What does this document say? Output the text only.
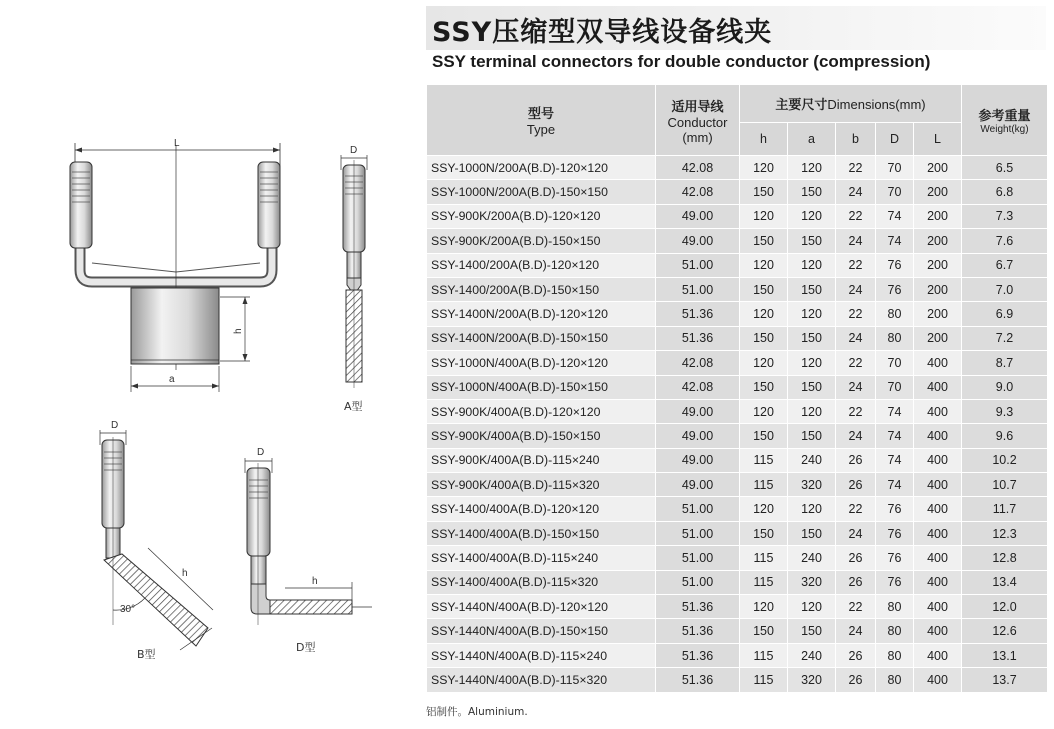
L
h
a
D
A型
D
30°
h
B型
D
h
D型
SSY压缩型双导线设备线夹
SSY terminal connectors for double conductor (compression)
型号
Type	适用导线
Conductor
(mm)	主要尺寸Dimensions(mm)					参考重量
Weight(kg)

		h	a	b	D	L	
SSY-1000N/200A(B.D)-120×120	42.08	120	120	22	70	200	6.5
SSY-1000N/200A(B.D)-150×150	42.08	150	150	24	70	200	6.8
SSY-900K/200A(B.D)-120×120	49.00	120	120	22	74	200	7.3
SSY-900K/200A(B.D)-150×150	49.00	150	150	24	74	200	7.6
SSY-1400/200A(B.D)-120×120	51.00	120	120	22	76	200	6.7
SSY-1400/200A(B.D)-150×150	51.00	150	150	24	76	200	7.0
SSY-1400N/200A(B.D)-120×120	51.36	120	120	22	80	200	6.9
SSY-1400N/200A(B.D)-150×150	51.36	150	150	24	80	200	7.2
SSY-1000N/400A(B.D)-120×120	42.08	120	120	22	70	400	8.7
SSY-1000N/400A(B.D)-150×150	42.08	150	150	24	70	400	9.0
SSY-900K/400A(B.D)-120×120	49.00	120	120	22	74	400	9.3
SSY-900K/400A(B.D)-150×150	49.00	150	150	24	74	400	9.6
SSY-900K/400A(B.D)-115×240	49.00	115	240	26	74	400	10.2
SSY-900K/400A(B.D)-115×320	49.00	115	320	26	74	400	10.7
SSY-1400/400A(B.D)-120×120	51.00	120	120	22	76	400	11.7
SSY-1400/400A(B.D)-150×150	51.00	150	150	24	76	400	12.3
SSY-1400/400A(B.D)-115×240	51.00	115	240	26	76	400	12.8
SSY-1400/400A(B.D)-115×320	51.00	115	320	26	76	400	13.4
SSY-1440N/400A(B.D)-120×120	51.36	120	120	22	80	400	12.0
SSY-1440N/400A(B.D)-150×150	51.36	150	150	24	80	400	12.6
SSY-1440N/400A(B.D)-115×240	51.36	115	240	26	80	400	13.1
SSY-1440N/400A(B.D)-115×320	51.36	115	320	26	80	400	13.7
铝制件。Aluminium.
